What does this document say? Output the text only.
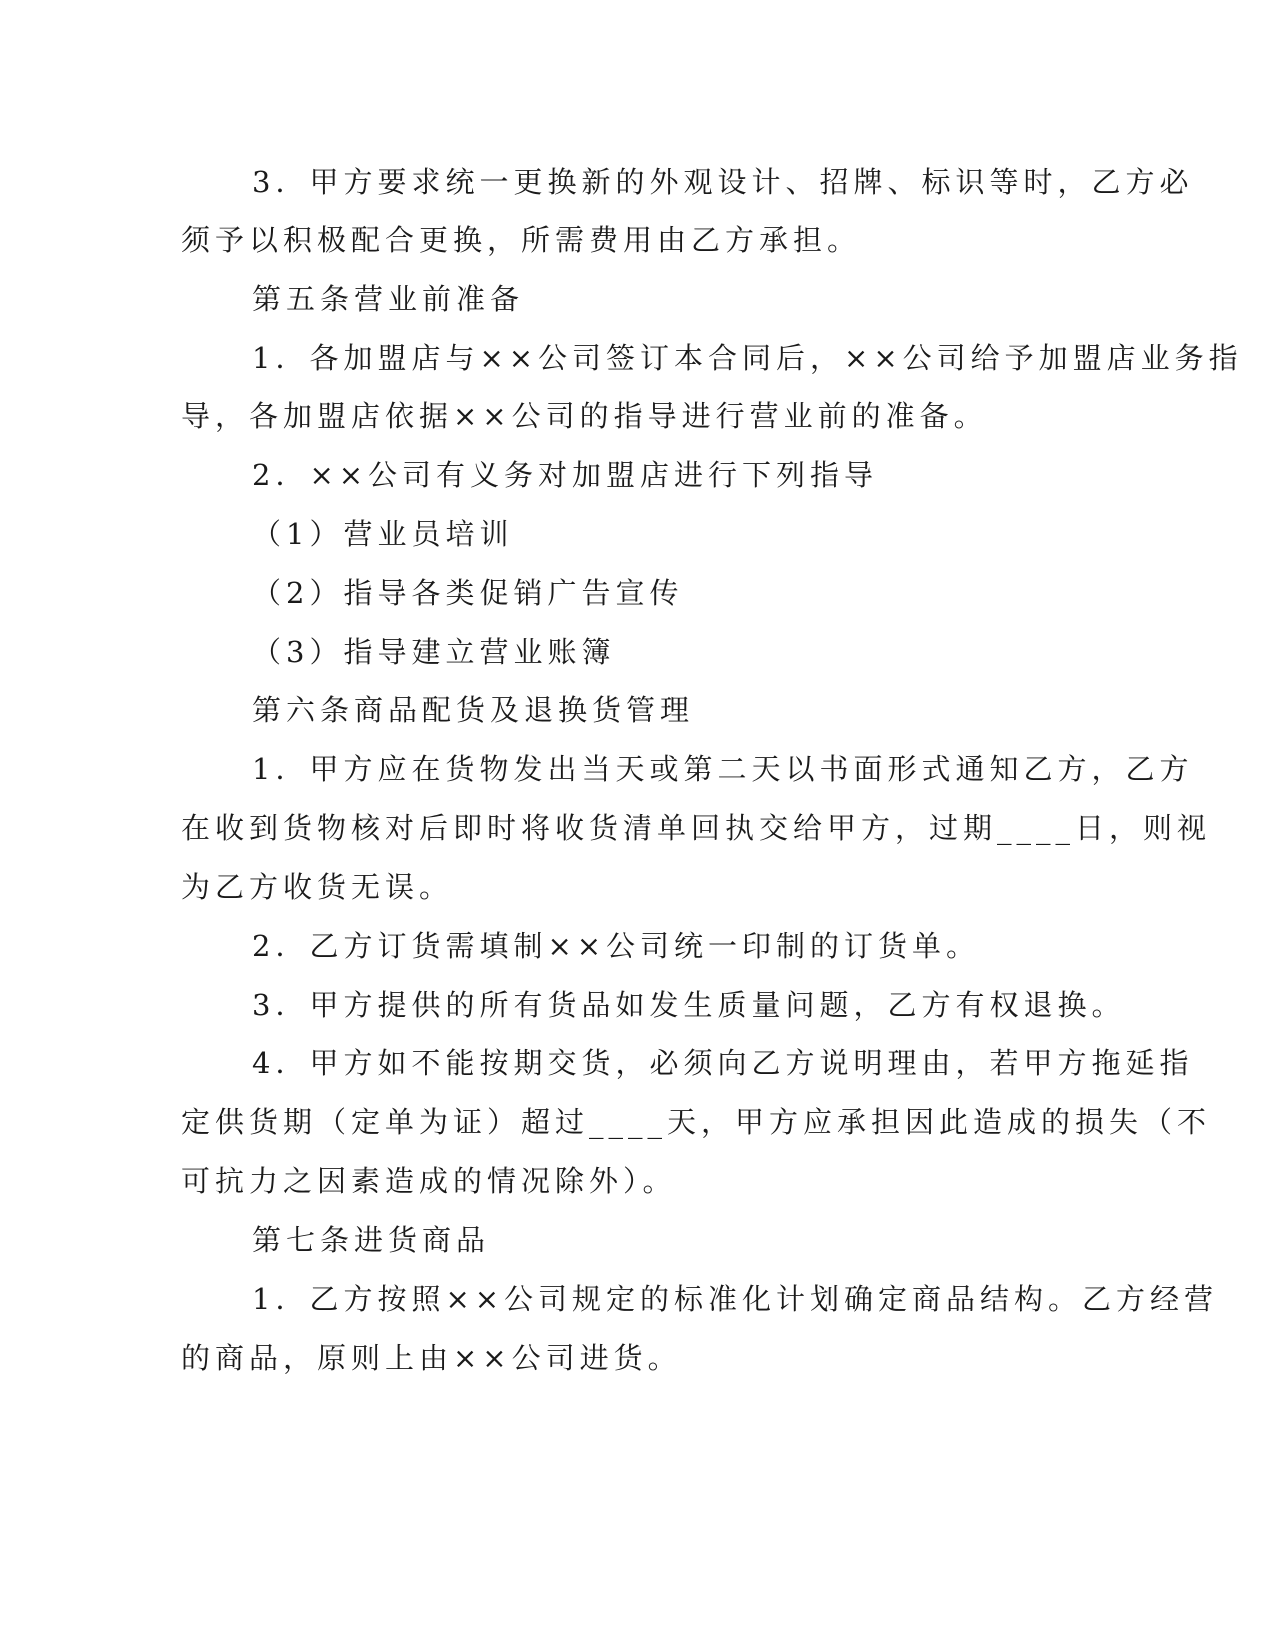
3．甲方要求统一更换新的外观设计、招牌、标识等时，乙方必
须予以积极配合更换，所需费用由乙方承担。
第五条营业前准备
1．各加盟店与××公司签订本合同后，××公司给予加盟店业务指
导，各加盟店依据××公司的指导进行营业前的准备。
2．××公司有义务对加盟店进行下列指导
（1）营业员培训
（2）指导各类促销广告宣传
（3）指导建立营业账簿
第六条商品配货及退换货管理
1．甲方应在货物发出当天或第二天以书面形式通知乙方，乙方
在收到货物核对后即时将收货清单回执交给甲方，过期____日，则视
为乙方收货无误。
2．乙方订货需填制××公司统一印制的订货单。
3．甲方提供的所有货品如发生质量问题，乙方有权退换。
4．甲方如不能按期交货，必须向乙方说明理由，若甲方拖延指
定供货期（定单为证）超过____天，甲方应承担因此造成的损失（不
可抗力之因素造成的情况除外）。
第七条进货商品
1．乙方按照××公司规定的标准化计划确定商品结构。乙方经营
的商品，原则上由××公司进货。
